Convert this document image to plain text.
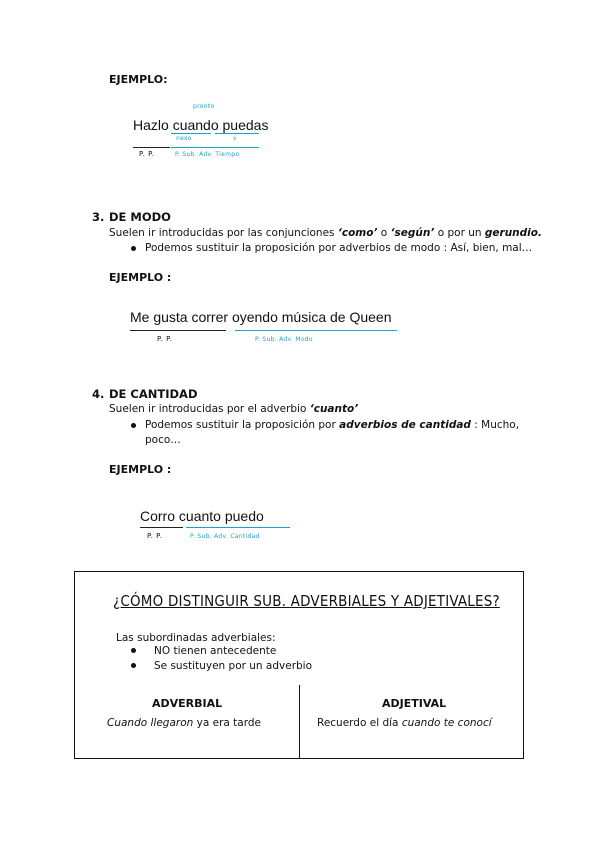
EJEMPLO:
pronto
Hazlo cuando puedas
nexo	v
P. P.	P. Sub. Adv. Tiempo
3. DE MODO
Suelen ir introducidas por las conjunciones ‘como’ o ‘según’ o por un gerundio.
Podemos sustituir la proposición por adverbios de modo : Así, bien, mal…
EJEMPLO :
Me gusta correr oyendo música de Queen
P. P.	P. Sub. Adv. Modo
4. DE CANTIDAD
Suelen ir introducidas por el adverbio ‘cuanto’
Podemos sustituir la proposición por adverbios de cantidad : Mucho,
poco…
EJEMPLO :
Corro cuanto puedo
P. P.	P. Sub. Adv. Cantidad
¿CÓMO DISTINGUIR SUB. ADVERBIALES Y ADJETIVALES?
Las subordinadas adverbiales:
NO tienen antecedente
Se sustituyen por un adverbio
ADVERBIAL	ADJETIVAL
Cuando llegaron ya era tarde	Recuerdo el día cuando te conocí
